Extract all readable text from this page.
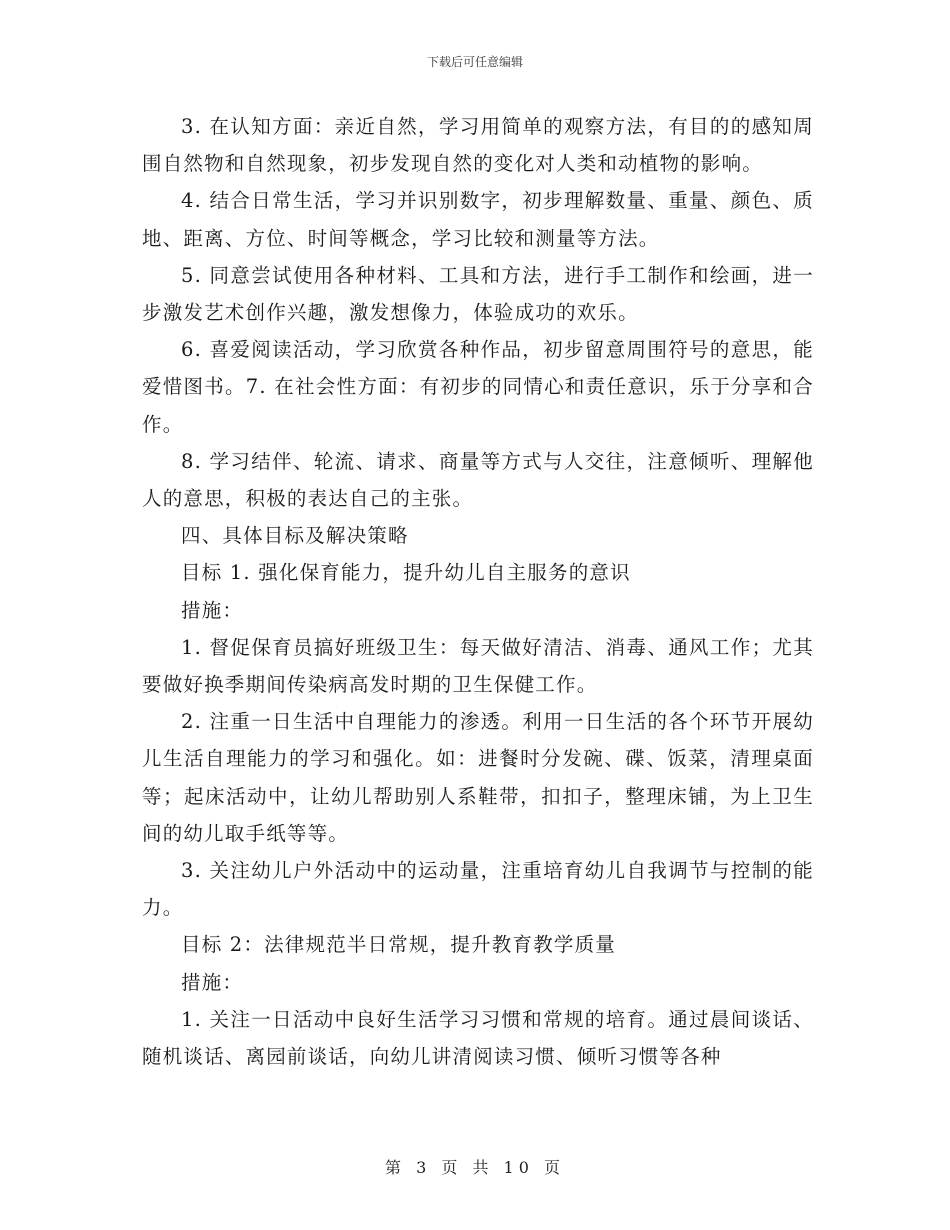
下载后可任意编辑

3. 在认知方面：亲近自然，学习用简单的观察方法，有目的的感知周围自然物和自然现象，初步发现自然的变化对人类和动植物的影响。

4. 结合日常生活，学习并识别数字，初步理解数量、重量、颜色、质地、距离、方位、时间等概念，学习比较和测量等方法。

5. 同意尝试使用各种材料、工具和方法，进行手工制作和绘画，进一步激发艺术创作兴趣，激发想像力，体验成功的欢乐。

6. 喜爱阅读活动，学习欣赏各种作品，初步留意周围符号的意思，能爱惜图书。7. 在社会性方面：有初步的同情心和责任意识，乐于分享和合作。

8. 学习结伴、轮流、请求、商量等方式与人交往，注意倾听、理解他人的意思，积极的表达自己的主张。

四、具体目标及解决策略

目标 1. 强化保育能力，提升幼儿自主服务的意识

措施：

1. 督促保育员搞好班级卫生：每天做好清洁、消毒、通风工作；尤其要做好换季期间传染病高发时期的卫生保健工作。

2. 注重一日生活中自理能力的渗透。利用一日生活的各个环节开展幼儿生活自理能力的学习和强化。如：进餐时分发碗、碟、饭菜，清理桌面等；起床活动中，让幼儿帮助别人系鞋带，扣扣子，整理床铺，为上卫生间的幼儿取手纸等等。

3. 关注幼儿户外活动中的运动量，注重培育幼儿自我调节与控制的能力。

目标 2：法律规范半日常规，提升教育教学质量

措施：

1. 关注一日活动中良好生活学习习惯和常规的培育。通过晨间谈话、随机谈话、离园前谈话，向幼儿讲清阅读习惯、倾听习惯等各种

第 3 页 共 10 页
